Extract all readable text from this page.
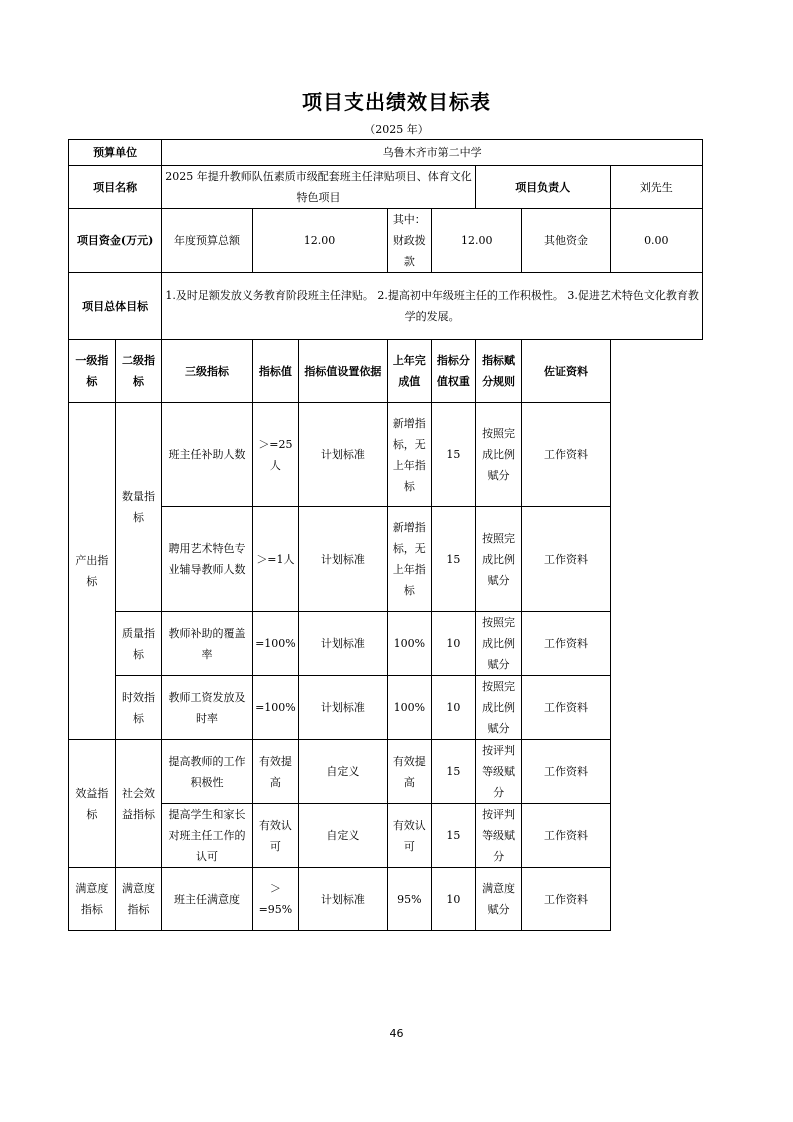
项目支出绩效目标表
（2025 年）
预算单位		乌鲁木齐市第二中学							
项目名称		2025 年提升教师队伍素质市级配套班主任津贴项目、体育文化特色项目					项目负责人		刘先生
项目资金(万元)		年度预算总额	12.00		其中：财政拨款	12.00		其他资金	0.00
项目总体目标		1.及时足额发放义务教育阶段班主任津贴。 2.提高初中年级班主任的工作积极性。 3.促进艺术特色文化教育教学的发展。							
一级指标	二级指标	三级指标	指标值	指标值设置依据	上年完成值	指标分值权重	指标赋分规则	佐证资料	
产出指标	数量指标	班主任补助人数	＞=25人	计划标准	新增指标，无上年指标	15	按照完成比例赋分	工作资料	
		聘用艺术特色专业辅导教师人数	＞=1人	计划标准	新增指标，无上年指标	15	按照完成比例赋分	工作资料	
	质量指标	教师补助的覆盖率	=100%	计划标准	100%	10	按照完成比例赋分	工作资料	
	时效指标	教师工资发放及时率	=100%	计划标准	100%	10	按照完成比例赋分	工作资料	
效益指标	社会效益指标	提高教师的工作积极性	有效提高	自定义	有效提高	15	按评判等级赋分	工作资料	
		提高学生和家长对班主任工作的认可	有效认可	自定义	有效认可	15	按评判等级赋分	工作资料	
满意度指标	满意度指标	班主任满意度	＞=95%	计划标准	95%	10	满意度赋分	工作资料	
46
